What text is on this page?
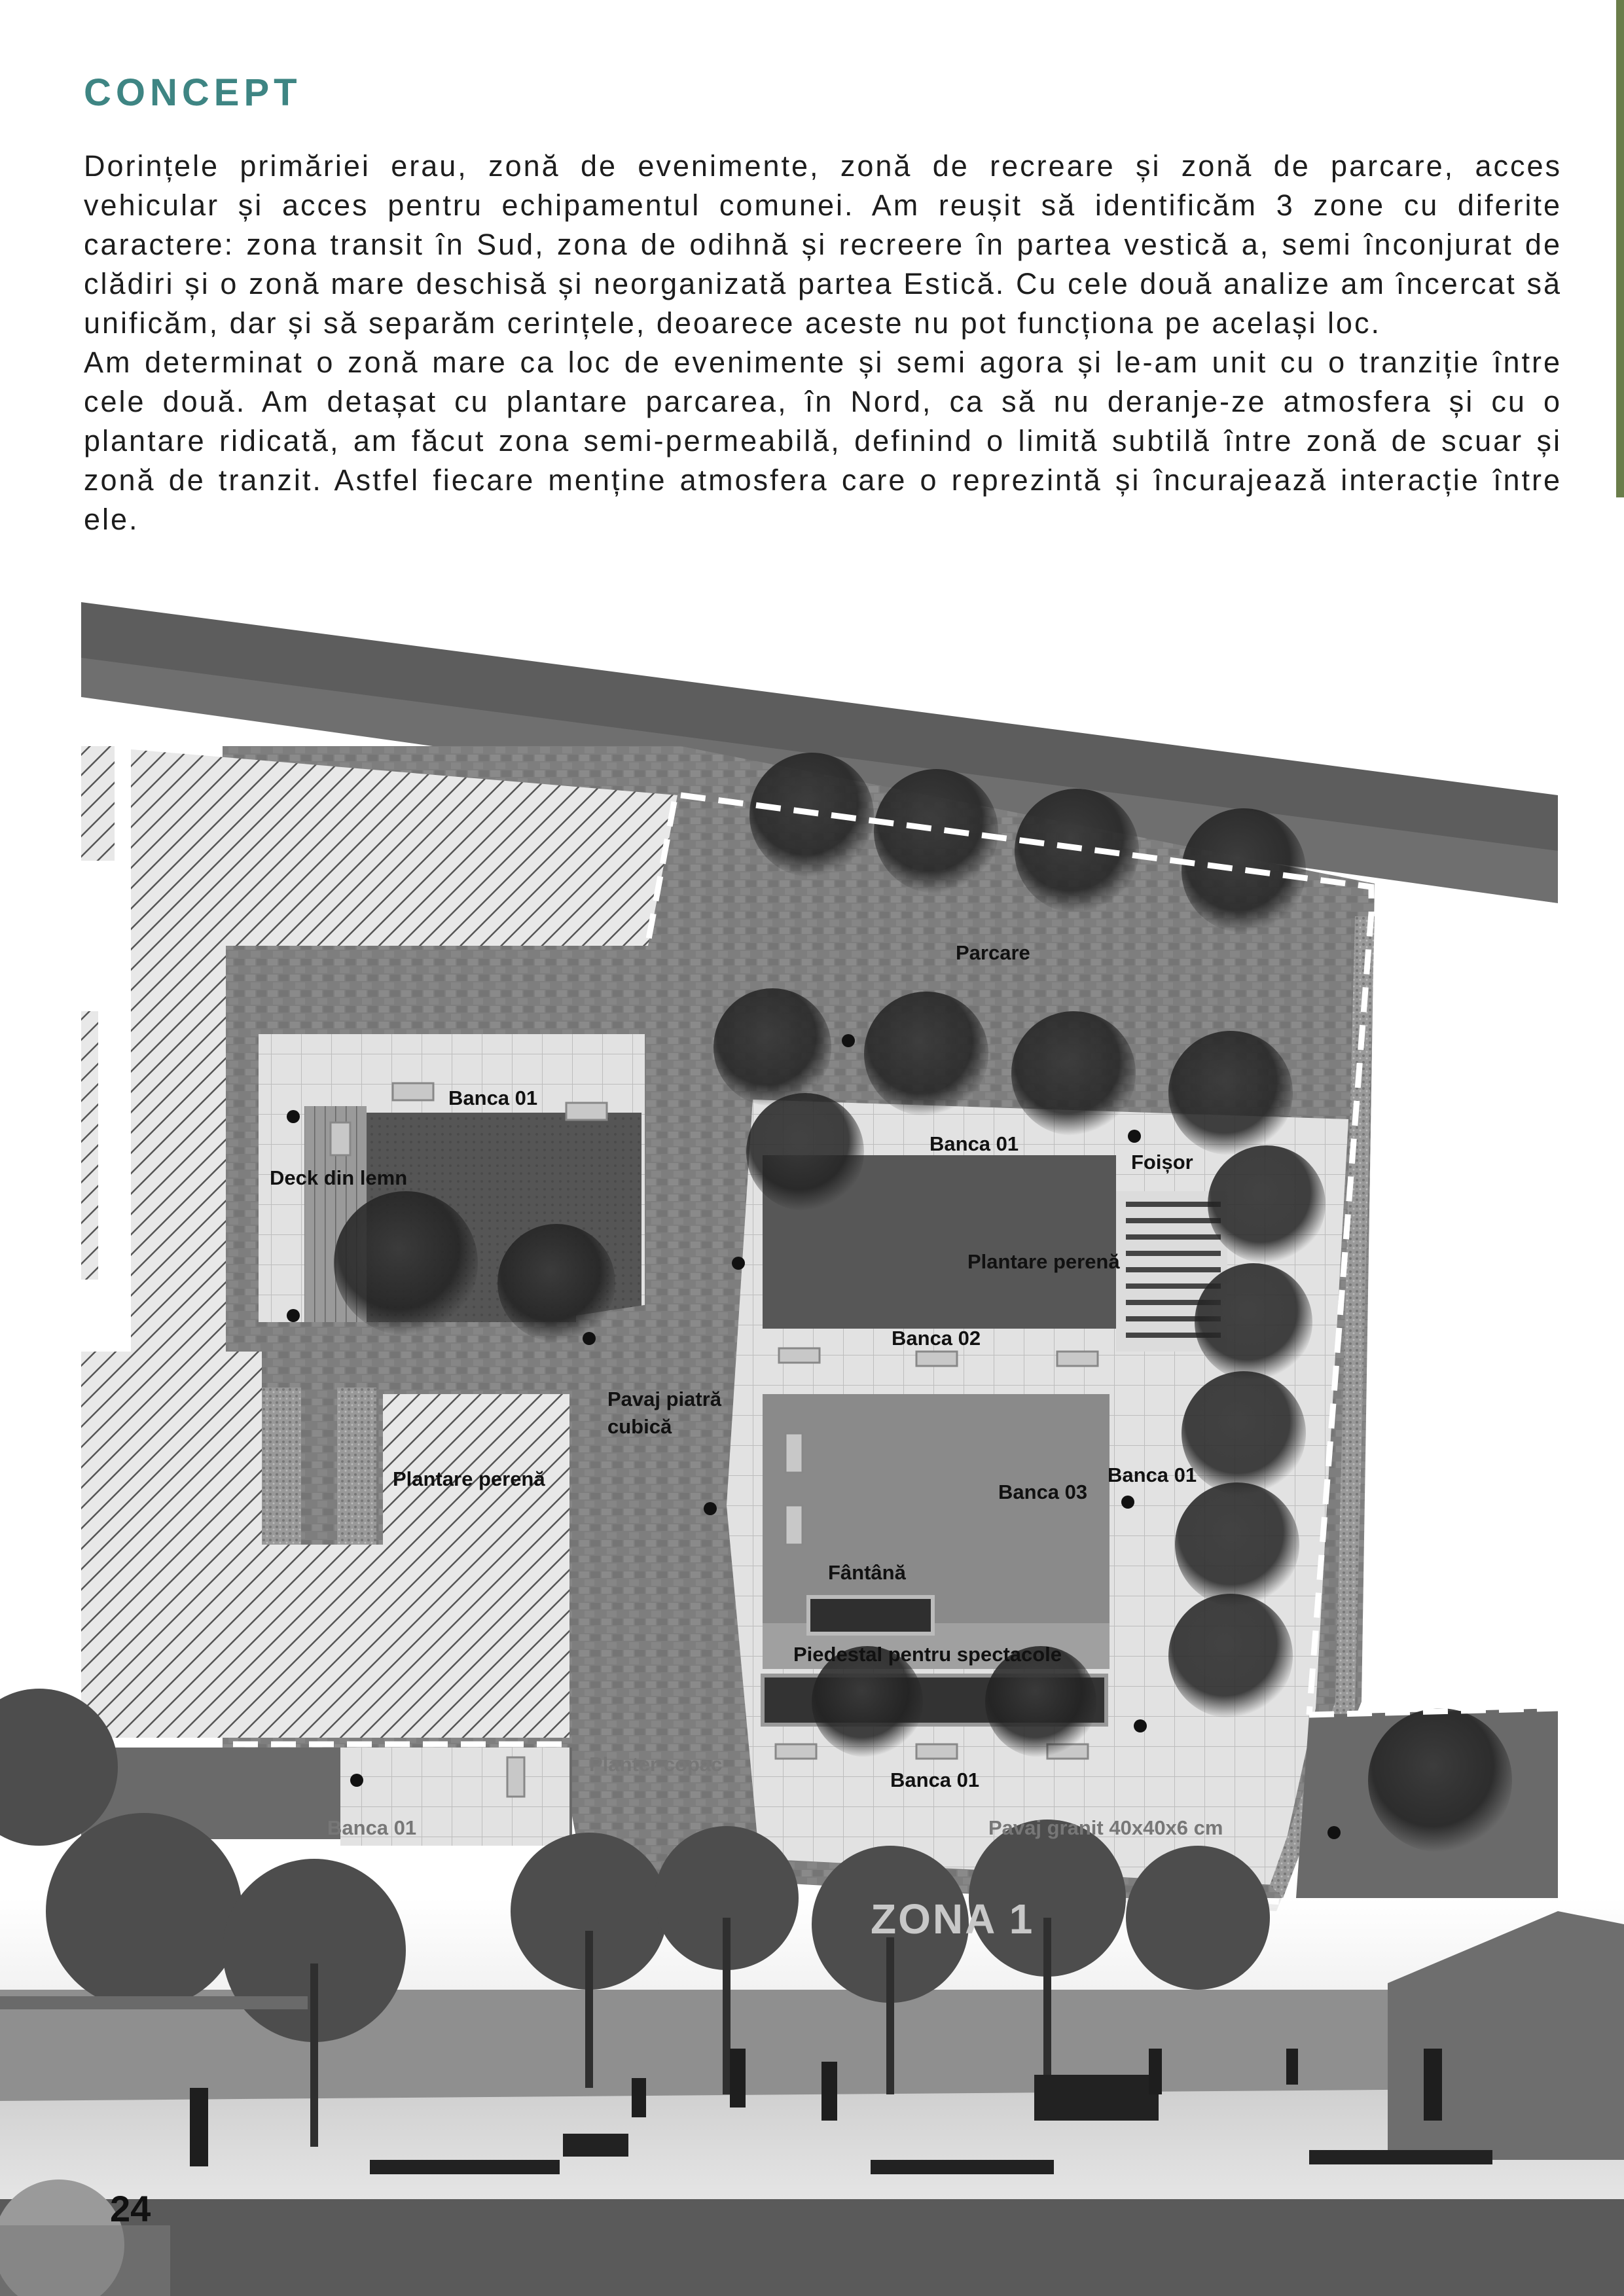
CONCEPT

Dorințele primăriei erau, zonă de evenimente, zonă de recreare și zonă de parcare, acces vehicular și acces pentru echipamentul comunei. Am reușit să identificăm 3 zone cu diferite caractere: zona transit în Sud, zona de odihnă și recreere în partea vestică a, semi înconjurat de clădiri și o zonă mare deschisă și neorganizată partea Estică. Cu cele două analize am încercat să unificăm, dar și să separăm cerințele, deoarece aceste nu pot funcționa pe același loc.

Am determinat o zonă mare ca loc de evenimente și semi agora și le-am unit cu o tranziție între cele două. Am detașat cu plantare parcarea, în Nord, ca să nu deranje-ze atmosfera și cu o plantare ridicată, am făcut zona semi-permeabilă, definind o limită subtilă între zonă de scuar și zonă de tranzit. Astfel fiecare menține atmosfera care o reprezintă și încurajează interacție între ele.

Parcare
Banca 01
Deck din lemn
Banca 01
Foișor
Plantare perenă
Banca 02
Pavaj piatră
cubică
Plantare perenă	Banca 01
Banca 03
Fântână
Piedestal pentru spectacole
Planter copac
Banca 01
Banca 01	Pavaj granit 40x40x6 cm
ZONA 1
24
